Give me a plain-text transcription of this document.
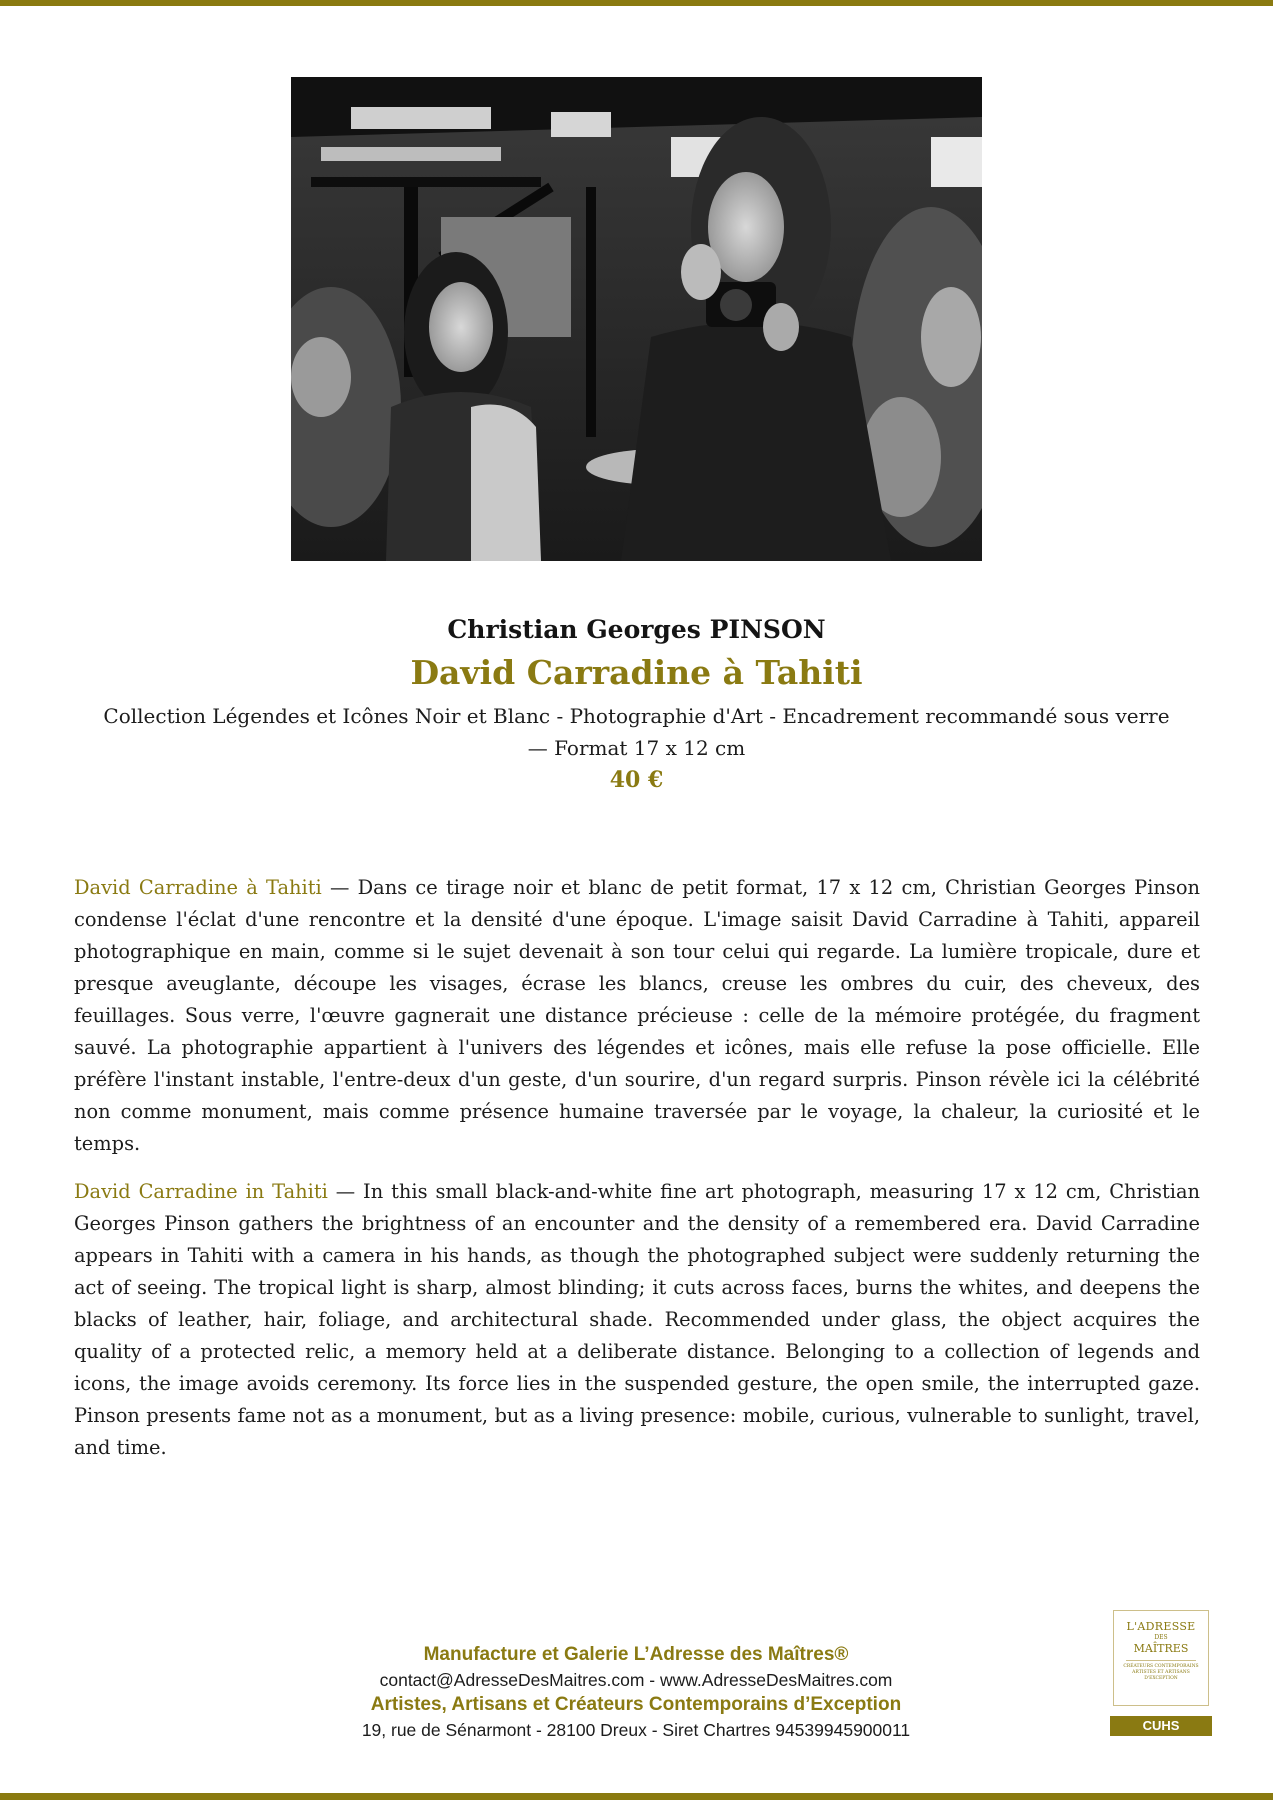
Christian Georges PINSON
David Carradine à Tahiti
Collection Légendes et Icônes Noir et Blanc - Photographie d'Art - Encadrement recommandé sous verre — Format 17 x 12 cm
40 €

David Carradine à Tahiti — Dans ce tirage noir et blanc de petit format, 17 x 12 cm, Christian Georges Pinson condense l'éclat d'une rencontre et la densité d'une époque. L'image saisit David Carradine à Tahiti, appareil photographique en main, comme si le sujet devenait à son tour celui qui regarde. La lumière tropicale, dure et presque aveuglante, découpe les visages, écrase les blancs, creuse les ombres du cuir, des cheveux, des feuillages. Sous verre, l'œuvre gagnerait une distance précieuse : celle de la mémoire protégée, du fragment sauvé. La photographie appartient à l'univers des légendes et icônes, mais elle refuse la pose officielle. Elle préfère l'instant instable, l'entre-deux d'un geste, d'un sourire, d'un regard surpris. Pinson révèle ici la célébrité non comme monument, mais comme présence humaine traversée par le voyage, la chaleur, la curiosité et le temps.

David Carradine in Tahiti — In this small black-and-white fine art photograph, measuring 17 x 12 cm, Christian Georges Pinson gathers the brightness of an encounter and the density of a remembered era. David Carradine appears in Tahiti with a camera in his hands, as though the photographed subject were suddenly returning the act of seeing. The tropical light is sharp, almost blinding; it cuts across faces, burns the whites, and deepens the blacks of leather, hair, foliage, and architectural shade. Recommended under glass, the object acquires the quality of a protected relic, a memory held at a deliberate distance. Belonging to a collection of legends and icons, the image avoids ceremony. Its force lies in the suspended gesture, the open smile, the interrupted gaze. Pinson presents fame not as a monument, but as a living presence: mobile, curious, vulnerable to sunlight, travel, and time.

Manufacture et Galerie L’Adresse des Maîtres®
contact@AdresseDesMaitres.com - www.AdresseDesMaitres.com
Artistes, Artisans et Créateurs Contemporains d’Exception
19, rue de Sénarmont - 28100 Dreux - Siret Chartres 94539945900011
L'ADRESSE
DES
MAÎTRES
CRÉATEURS CONTEMPORAINS ARTISTES ET ARTISANS D'EXCEPTION
CUHS
